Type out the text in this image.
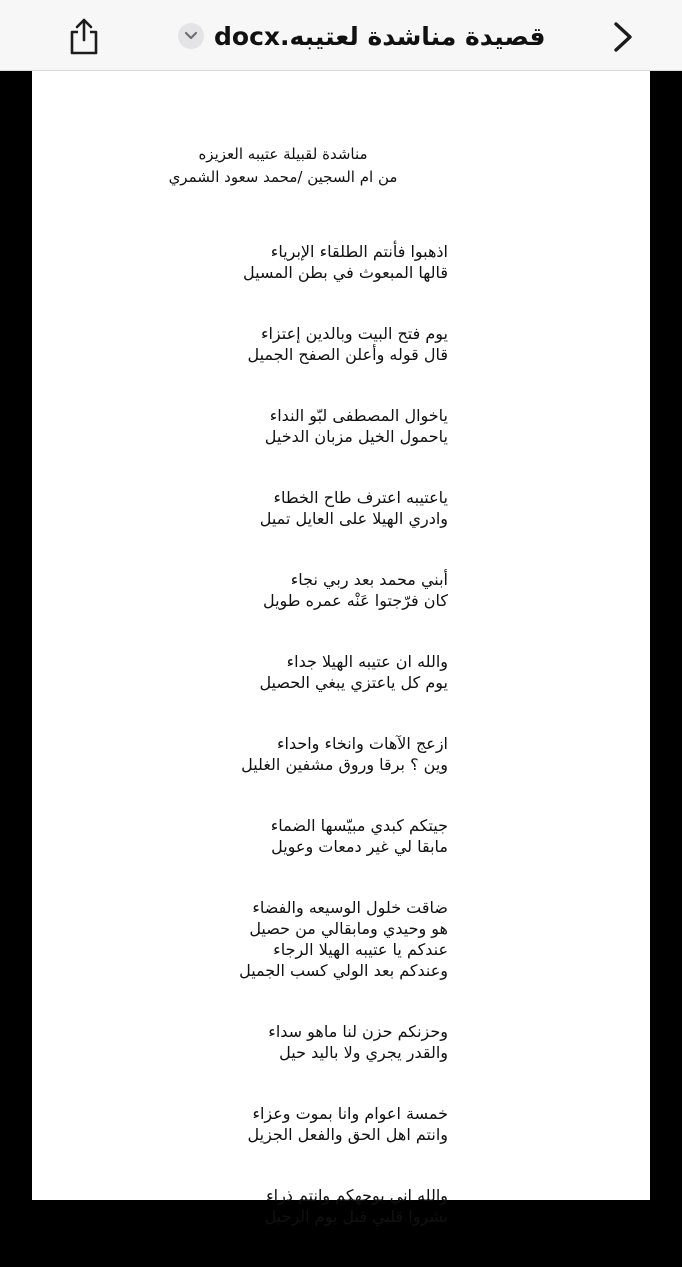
قصيدة مناشدة لعتيبه.docx
مناشدة لقبيلة عتيبه العزيزه
من ام السجين /محمد سعود الشمري
اذهبوا فأنتم الطلقاء الإبرياء
قالها المبعوث في بطن المسيل
يوم فتح البيت وبالدين إعتزاء
قال قوله وأعلن الصفح الجميل
ياخوال المصطفى لبّو النداء
ياحمول الخيل مزبان الدخيل
ياعتيبه اعترف طاح الخطاء
وادري الهيلا على العايل تميل
أبني محمد بعد ربي نجاء
كان فرّجتوا عَنْه عمره طويل
والله ان عتيبه الهيلا جداء
يوم كل ياعتزي يبغي الحصيل
ازعج الآهات وانخاء واحداء
وين ؟ برقا وروق مشفين الغليل
جيتكم كبدي مبيّسها الضماء
مابقا لي غير دمعات وعويل
ضاقت خلول الوسيعه والفضاء
هو وحيدي ومابقالي من حصيل
عندكم يا عتيبه الهيلا الرجاء
وعندكم بعد الولي كسب الجميل
وحزنكم حزن لنا ماهو سداء
والقدر يجري ولا باليد حيل
خمسة اعوام وانا بموت وعزاء
وانتم اهل الحق والفعل الجزيل
والله اني بوجهكم وانتم ذراء
بشروا قلبي قبل يوم الرحيل
